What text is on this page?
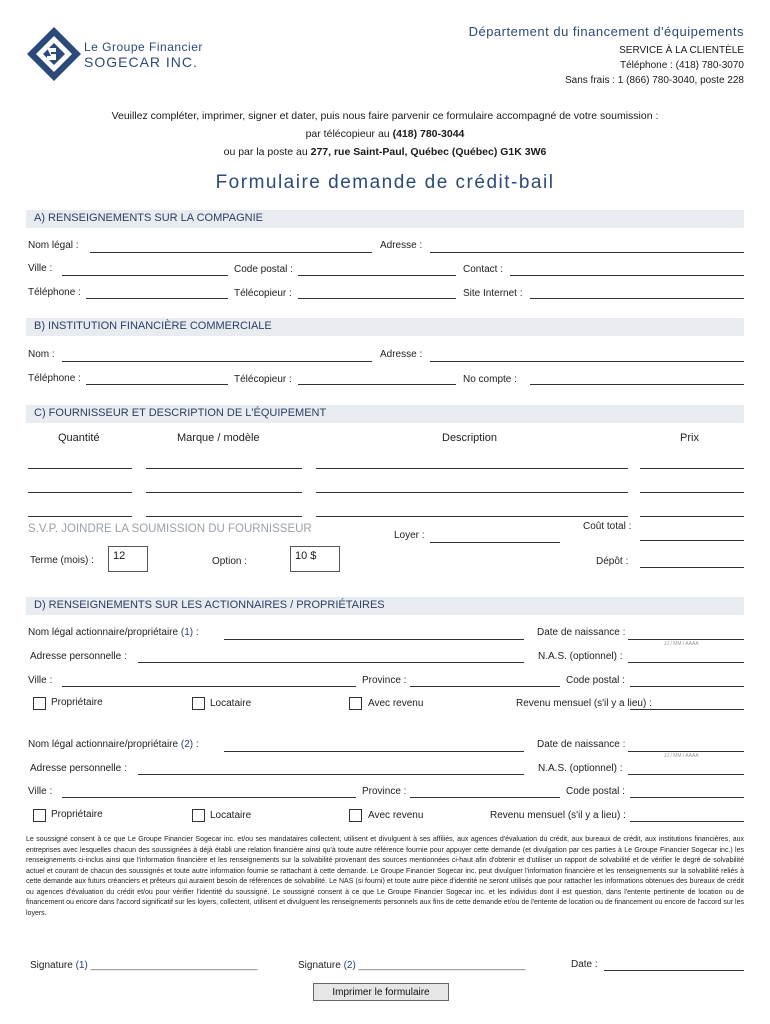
Le Groupe Financier
SOGECAR INC.
Département du financement d'équipements
SERVICE À LA CLIENTÈLE
Téléphone : (418) 780-3070
Sans frais : 1 (866) 780-3040, poste 228
Veuillez compléter, imprimer, signer et dater, puis nous faire parvenir ce formulaire accompagné de votre soumission :
par télécopieur au (418) 780-3044
ou par la poste au 277, rue Saint-Paul, Québec (Québec) G1K 3W6
Formulaire demande de crédit-bail
A) RENSEIGNEMENTS SUR LA COMPAGNIE
Nom légal :	Adresse :
Ville :	Code postal :	Contact :
Téléphone :	Télécopieur :	Site Internet :
B) INSTITUTION FINANCIÈRE COMMERCIALE
Nom :	Adresse :
Téléphone :	Télécopieur :	No compte :
C) FOURNISSEUR ET DESCRIPTION DE L'ÉQUIPEMENT
Quantité	Marque / modèle	Description	Prix
S.V.P. JOINDRE LA SOUMISSION DU FOURNISSEUR	Coût total :
Loyer :
Terme (mois) :	12	Option :	10 $	Dépôt :
D) RENSEIGNEMENTS SUR LES ACTIONNAIRES / PROPRIÉTAIRES
Nom légal actionnaire/propriétaire (1) :	Date de naissance :
JJ / MM / AAAA
Adresse personnelle :	N.A.S. (optionnel) :
Ville :	Province :	Code postal :
Propriétaire	Locataire	Avec revenu	Revenu mensuel (s'il y a lieu) :
Nom légal actionnaire/propriétaire (2) :	Date de naissance :
JJ / MM / AAAA
Adresse personnelle :	N.A.S. (optionnel) :
Ville :	Province :	Code postal :
Propriétaire	Locataire	Avec revenu	Revenu mensuel (s'il y a lieu) :
Le soussigné consent à ce que Le Groupe Financier Sogecar inc. et/ou ses mandataires collectent, utilisent et divulguent à ses affiliés, aux agences d'évaluation du crédit, aux bureaux de crédit, aux institutions financières, aux entreprises avec lesquelles chacun des soussignées à déjà établi une relation financière ainsi qu'à toute autre référence fournie pour appuyer cette demande (et divulgation par ces parties à Le Groupe Financier Sogecar inc.) les renseignements ci-inclus ainsi que l'information financière et les renseignements sur la solvabilité provenant des sources mentionnées ci-haut afin d'obtenir et d'utiliser un rapport de solvabilité et de vérifier le degré de solvabilité actuel et courant de chacun des soussignés et toute autre information fournie se rattachant à cette demande. Le Groupe Financier Sogecar inc. peut divulguer l'information financière et les renseignements sur la solvabilité reliés à cette demande aux futurs créanciers et prêteurs qui auraient besoin de références de solvabilité. Le NAS (si fourni) et toute autre pièce d'identité ne seront utilisés que pour rattacher les informations obtenues des bureaux de crédit ou agences d'évaluation du crédit et/ou pour vérifier l'identité du soussigné. Le soussigné consent à ce que Le Groupe Financier Sogecar inc. et les individus dont il est question, dans l'entente pertinente de location ou de financement ou encore dans l'accord significatif sur les loyers, collectent, utilisent et divulguent les renseignements personnels aux fins de cette demande et/ou de l'entente de location ou de financement ou encore de l'accord sur les loyers.
Signature (1) ______________________________	Signature (2) ______________________________	Date :
Imprimer le formulaire
